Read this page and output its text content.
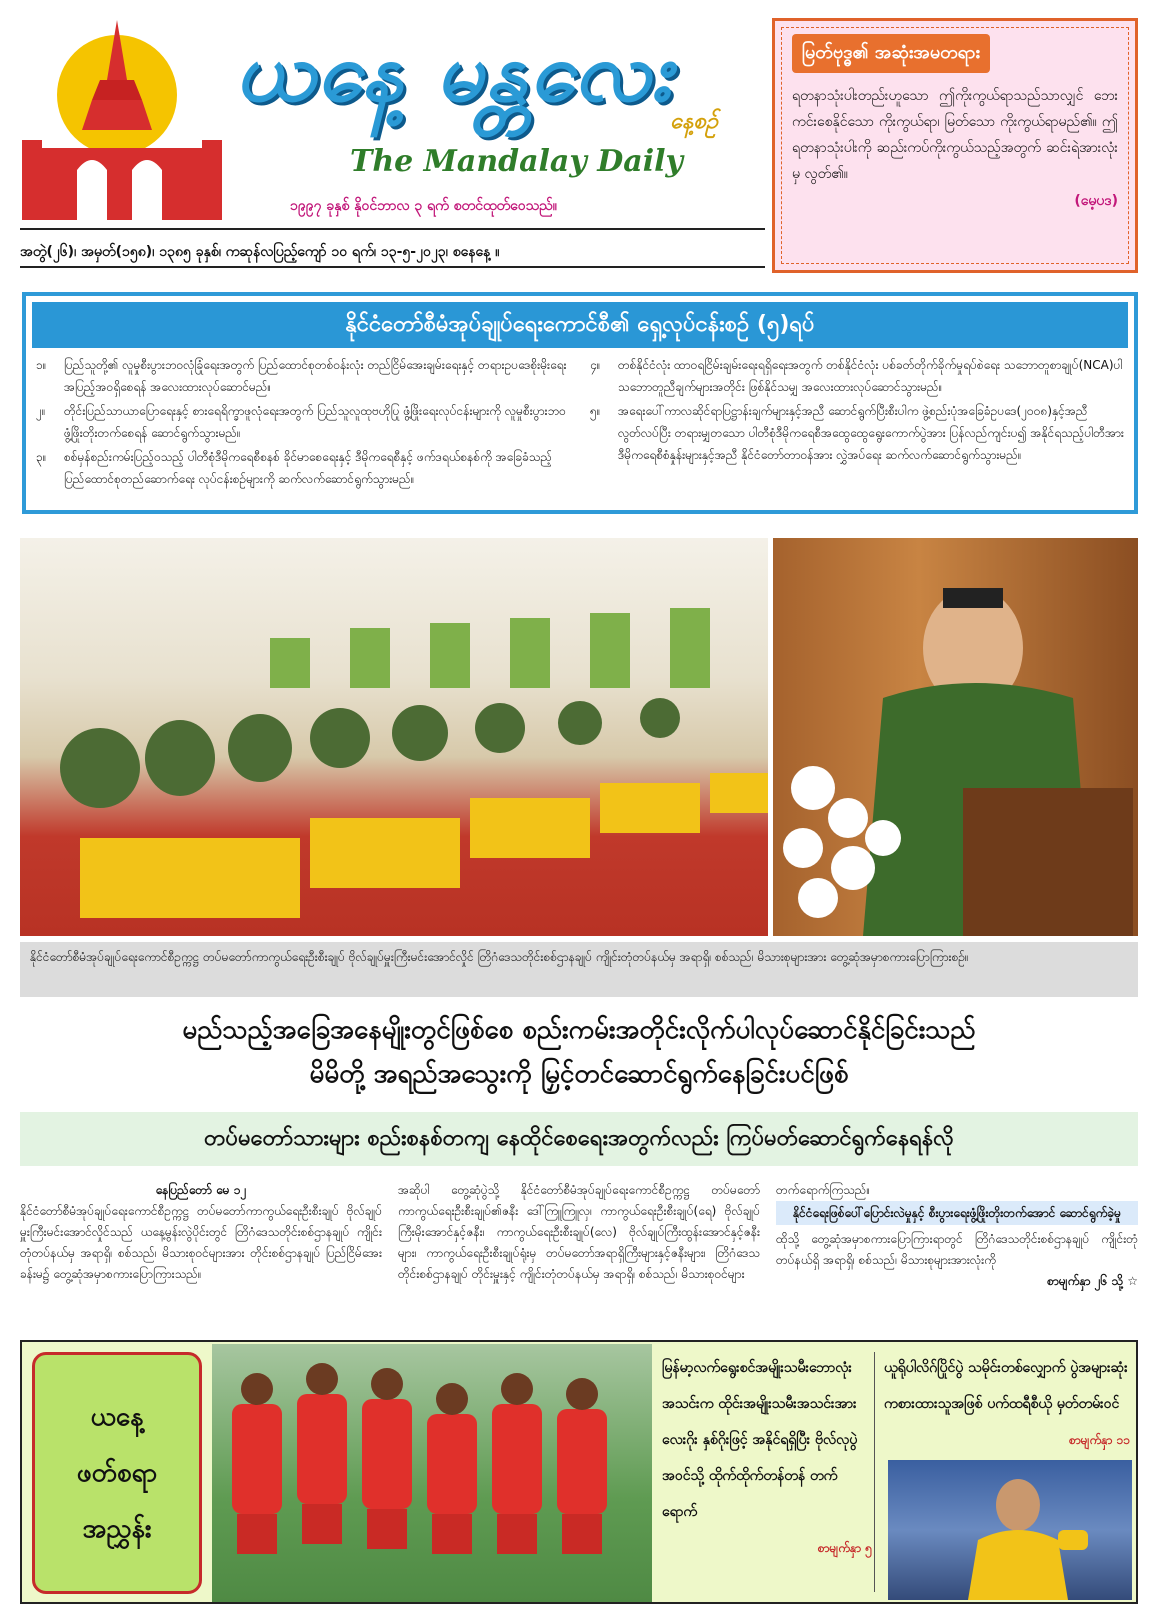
ယနေ့ မန္တလေး
နေ့စဉ်
The Mandalay Daily
၁၉၉၇ ခုနှစ် နိုဝင်ဘာလ ၃ ရက် စတင်ထုတ်ဝေသည်။
အတွဲ(၂၆)၊ အမှတ်(၁၅၈)၊ ၁၃၈၅ ခုနှစ်၊ ကဆုန်လပြည့်ကျော် ၁၀ ရက်၊ ၁၃-၅-၂၀၂၃၊ စနေနေ့ ။
မြတ်ဗုဒ္ဓ၏ အဆုံးအမတရား
ရတနာသုံးပါးတည်းဟူသော ဤကိုးကွယ်ရာသည်သာလျှင် ဘေးကင်းစေနိုင်သော ကိုးကွယ်ရာ၊ မြတ်သော ကိုးကွယ်ရာမည်၏။ ဤရတနာသုံးပါးကို ဆည်းကပ်ကိုးကွယ်သည့်အတွက် ဆင်းရဲအားလုံးမှ လွတ်၏။
(မေ့ပဒ)
နိုင်ငံတော်စီမံအုပ်ချုပ်ရေးကောင်စီ၏ ရှေ့လုပ်ငန်းစဉ် (၅)ရပ်
၁။	ပြည်သူတို့၏ လူမှုစီးပွားဘဝလုံခြုံရေးအတွက် ပြည်ထောင်စုတစ်ဝန်းလုံး တည်ငြိမ်အေးချမ်းရေးနှင့် တရားဥပဒေစိုးမိုးရေး အပြည့်အဝရှိစေရန် အလေးထားလုပ်ဆောင်မည်။
၂။	တိုင်းပြည်သာယာပြောရေးနှင့် စားရေရိက္ခာဖူလုံရေးအတွက် ပြည်သူလူထုဗဟိုပြု ဖွံ့ဖြိုးရေးလုပ်ငန်းများကို လူမှုစီးပွားဘဝဖွံ့ဖြိုးတိုးတက်စေရန် ဆောင်ရွက်သွားမည်။
၃။	စစ်မှန်စည်းကမ်းပြည့်ဝသည့် ပါတီစုံဒီမိုကရေစီစနစ် ခိုင်မာစေရေးနှင့် ဒီမိုကရေစီနှင့် ဖက်ဒရယ်စနစ်ကို အခြေခံသည့် ပြည်ထောင်စုတည်ဆောက်ရေး လုပ်ငန်းစဉ်များကို ဆက်လက်ဆောင်ရွက်သွားမည်။
၄။	တစ်နိုင်ငံလုံး ထာဝရငြိမ်းချမ်းရေးရရှိရေးအတွက် တစ်နိုင်ငံလုံး ပစ်ခတ်တိုက်ခိုက်မှုရပ်စဲရေး သဘောတူစာချုပ်(NCA)ပါ သဘောတူညီချက်များအတိုင်း ဖြစ်နိုင်သမျှ အလေးထားလုပ်ဆောင်သွားမည်။
၅။	အရေးပေါ်ကာလဆိုင်ရာပြဋ္ဌာန်းချက်များနှင့်အညီ ဆောင်ရွက်ပြီးစီးပါက ဖွဲ့စည်းပုံအခြေခံဥပဒေ(၂၀၀၈)နှင့်အညီ လွတ်လပ်ပြီး တရားမျှတသော ပါတီစုံဒီမိုကရေစီအထွေထွေရွေးကောက်ပွဲအား ပြန်လည်ကျင်းပ၍ အနိုင်ရသည့်ပါတီအား ဒီမိုကရေစီစံနှုန်းများနှင့်အညီ နိုင်ငံတော်တာဝန်အား လွှဲအပ်ရေး ဆက်လက်ဆောင်ရွက်သွားမည်။
နိုင်ငံတော်စီမံအုပ်ချုပ်ရေးကောင်စီဥက္ကဋ္ဌ တပ်မတော်ကာကွယ်ရေးဦးစီးချုပ် ဗိုလ်ချုပ်မှူးကြီးမင်းအောင်လှိုင် တြိဂံဒေသတိုင်းစစ်ဌာနချုပ် ကျိုင်းတုံတပ်နယ်မှ အရာရှိ၊ စစ်သည်၊ မိသားစုများအား တွေ့ဆုံအမှာစကားပြောကြားစဉ်။
မည်သည့်အခြေအနေမျိုးတွင်ဖြစ်စေ စည်းကမ်းအတိုင်းလိုက်ပါလုပ်ဆောင်နိုင်ခြင်းသည်
မိမိတို့ အရည်အသွေးကို မြှင့်တင်ဆောင်ရွက်နေခြင်းပင်ဖြစ်
တပ်မတော်သားများ စည်းစနစ်တကျ နေထိုင်စေရေးအတွက်လည်း ကြပ်မတ်ဆောင်ရွက်နေရန်လို
နေပြည်တော် မေ ၁၂
နိုင်ငံတော်စီမံအုပ်ချုပ်ရေးကောင်စီဥက္ကဋ္ဌ တပ်မတော်ကာကွယ်ရေးဦးစီးချုပ် ဗိုလ်ချုပ်မှူးကြီးမင်းအောင်လှိုင်သည် ယနေ့မွန်းလွဲပိုင်းတွင် တြိဂံဒေသတိုင်းစစ်ဌာနချုပ် ကျိုင်းတုံတပ်နယ်မှ အရာရှိ၊ စစ်သည်၊ မိသားစုဝင်များအား တိုင်းစစ်ဌာနချုပ် ပြည်ငြိမ်အေးခန်းမ၌ တွေ့ဆုံအမှာစကားပြောကြားသည်။
အဆိုပါ တွေ့ဆုံပွဲသို့ နိုင်ငံတော်စီမံအုပ်ချုပ်ရေးကောင်စီဥက္ကဋ္ဌ တပ်မတော်ကာကွယ်ရေးဦးစီးချုပ်၏ဇနီး ဒေါ်ကြူကြူလှ၊ ကာကွယ်ရေးဦးစီးချုပ်(ရေ) ဗိုလ်ချုပ်ကြီးမိုးအောင်နှင့်ဇနီး၊ ကာကွယ်ရေးဦးစီးချုပ်(လေ) ဗိုလ်ချုပ်ကြီးထွန်းအောင်နှင့်ဇနီးများ၊ ကာကွယ်ရေးဦးစီးချုပ်ရုံးမှ တပ်မတော်အရာရှိကြီးများနှင့်ဇနီးများ၊ တြိဂံဒေသတိုင်းစစ်ဌာနချုပ် တိုင်းမှူးနှင့် ကျိုင်းတုံတပ်နယ်မှ အရာရှိ၊ စစ်သည်၊ မိသားစုဝင်များ
တက်ရောက်ကြသည်။
နိုင်ငံရေးဖြစ်ပေါ်ပြောင်းလဲမှုနှင့် စီးပွားရေးဖွံ့ဖြိုးတိုးတက်အောင် ဆောင်ရွက်ခဲ့မှု
ထိုသို့ တွေ့ဆုံအမှာစကားပြောကြားရာတွင် တြိဂံဒေသတိုင်းစစ်ဌာနချုပ် ကျိုင်းတုံတပ်နယ်ရှိ အရာရှိ၊ စစ်သည်၊ မိသားစုများအားလုံးကို
စာမျက်နှာ ၂၆ သို့ ☆
ယနေ့
ဖတ်စရာ
အညွှန်း
မြန်မာ့လက်ရွေးစင်အမျိုးသမီးဘောလုံးအသင်းက ထိုင်းအမျိုးသမီးအသင်းအား လေးဂိုး နှစ်ဂိုးဖြင့် အနိုင်ရရှိပြီး ဗိုလ်လုပွဲအဝင်သို့ ထိုက်ထိုက်တန်တန် တက်ရောက်
စာမျက်နှာ ၅
ယူရိုပါလိဂ်ပြိုင်ပွဲ သမိုင်းတစ်လျှောက် ပွဲအများဆုံး ကစားထားသူအဖြစ် ပက်ထရီစီယို မှတ်တမ်းဝင်
စာမျက်နှာ ၁၁
